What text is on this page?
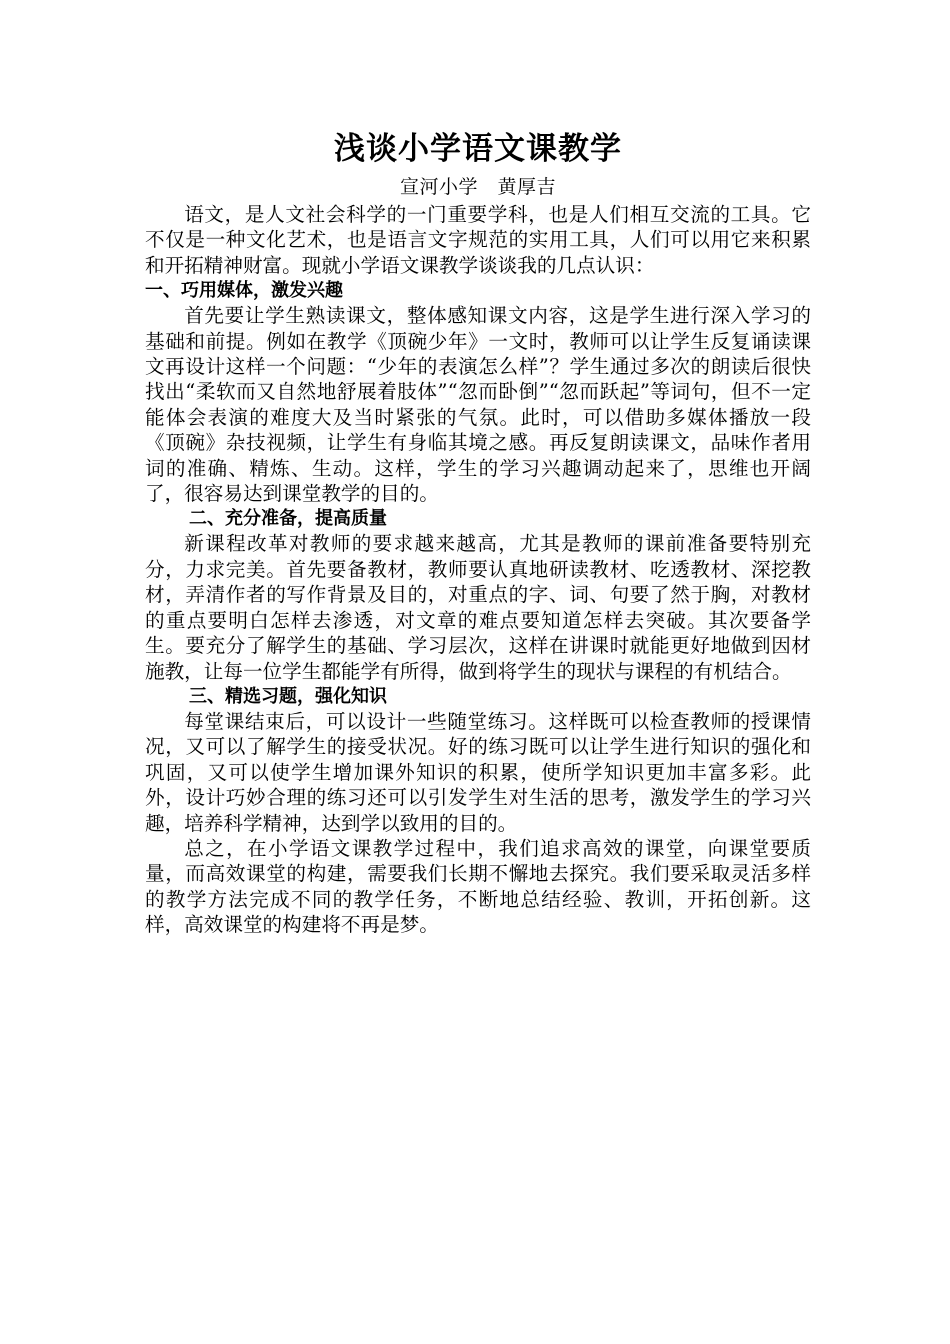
浅谈小学语文课教学
宣河小学　黄厚吉

语文，是人文社会科学的一门重要学科，也是人们相互交流的工具。它不仅是一种文化艺术，也是语言文字规范的实用工具，人们可以用它来积累和开拓精神财富。现就小学语文课教学谈谈我的几点认识：

一、巧用媒体，激发兴趣

首先要让学生熟读课文，整体感知课文内容，这是学生进行深入学习的基础和前提。例如在教学《顶碗少年》一文时，教师可以让学生反复诵读课文再设计这样一个问题：“少年的表演怎么样”？学生通过多次的朗读后很快找出“柔软而又自然地舒展着肢体”“忽而卧倒”“忽而跃起”等词句，但不一定能体会表演的难度大及当时紧张的气氛。此时，可以借助多媒体播放一段《顶碗》杂技视频，让学生有身临其境之感。再反复朗读课文，品味作者用词的准确、精炼、生动。这样，学生的学习兴趣调动起来了，思维也开阔了，很容易达到课堂教学的目的。

二、充分准备，提高质量

新课程改革对教师的要求越来越高，尤其是教师的课前准备要特别充分，力求完美。首先要备教材，教师要认真地研读教材、吃透教材、深挖教材，弄清作者的写作背景及目的，对重点的字、词、句要了然于胸，对教材的重点要明白怎样去渗透，对文章的难点要知道怎样去突破。其次要备学生。要充分了解学生的基础、学习层次，这样在讲课时就能更好地做到因材施教，让每一位学生都能学有所得，做到将学生的现状与课程的有机结合。

三、精选习题，强化知识

每堂课结束后，可以设计一些随堂练习。这样既可以检查教师的授课情况，又可以了解学生的接受状况。好的练习既可以让学生进行知识的强化和巩固，又可以使学生增加课外知识的积累，使所学知识更加丰富多彩。此外，设计巧妙合理的练习还可以引发学生对生活的思考，激发学生的学习兴趣，培养科学精神，达到学以致用的目的。

总之，在小学语文课教学过程中，我们追求高效的课堂，向课堂要质量，而高效课堂的构建，需要我们长期不懈地去探究。我们要采取灵活多样的教学方法完成不同的教学任务，不断地总结经验、教训，开拓创新。这样，高效课堂的构建将不再是梦。
